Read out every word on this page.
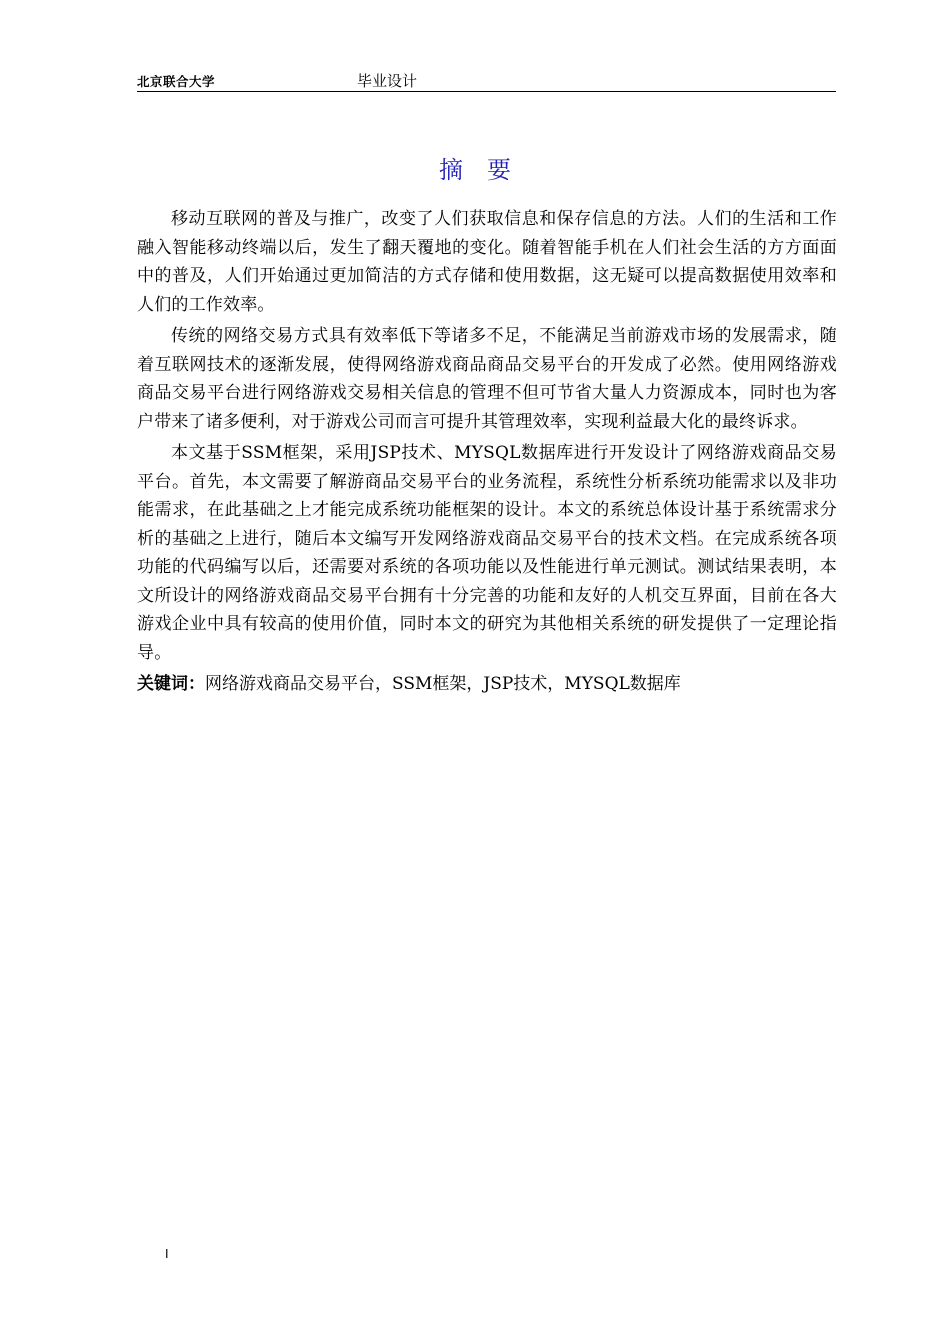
北京联合大学	毕业设计
摘　要

移动互联网的普及与推广，改变了人们获取信息和保存信息的方法。人们的生活和工作融入智能移动终端以后，发生了翻天覆地的变化。随着智能手机在人们社会生活的方方面面中的普及，人们开始通过更加简洁的方式存储和使用数据，这无疑可以提高数据使用效率和人们的工作效率。

传统的网络交易方式具有效率低下等诸多不足，不能满足当前游戏市场的发展需求，随着互联网技术的逐渐发展，使得网络游戏商品商品交易平台的开发成了必然。使用网络游戏商品交易平台进行网络游戏交易相关信息的管理不但可节省大量人力资源成本，同时也为客户带来了诸多便利，对于游戏公司而言可提升其管理效率，实现利益最大化的最终诉求。

本文基于SSM框架，采用JSP技术、MYSQL数据库进行开发设计了网络游戏商品交易平台。首先，本文需要了解游商品交易平台的业务流程，系统性分析系统功能需求以及非功能需求，在此基础之上才能完成系统功能框架的设计。本文的系统总体设计基于系统需求分析的基础之上进行，随后本文编写开发网络游戏商品交易平台的技术文档。在完成系统各项功能的代码编写以后，还需要对系统的各项功能以及性能进行单元测试。测试结果表明，本文所设计的网络游戏商品交易平台拥有十分完善的功能和友好的人机交互界面，目前在各大游戏企业中具有较高的使用价值，同时本文的研究为其他相关系统的研发提供了一定理论指导。

关键词：网络游戏商品交易平台，SSM框架，JSP技术，MYSQL数据库

I
